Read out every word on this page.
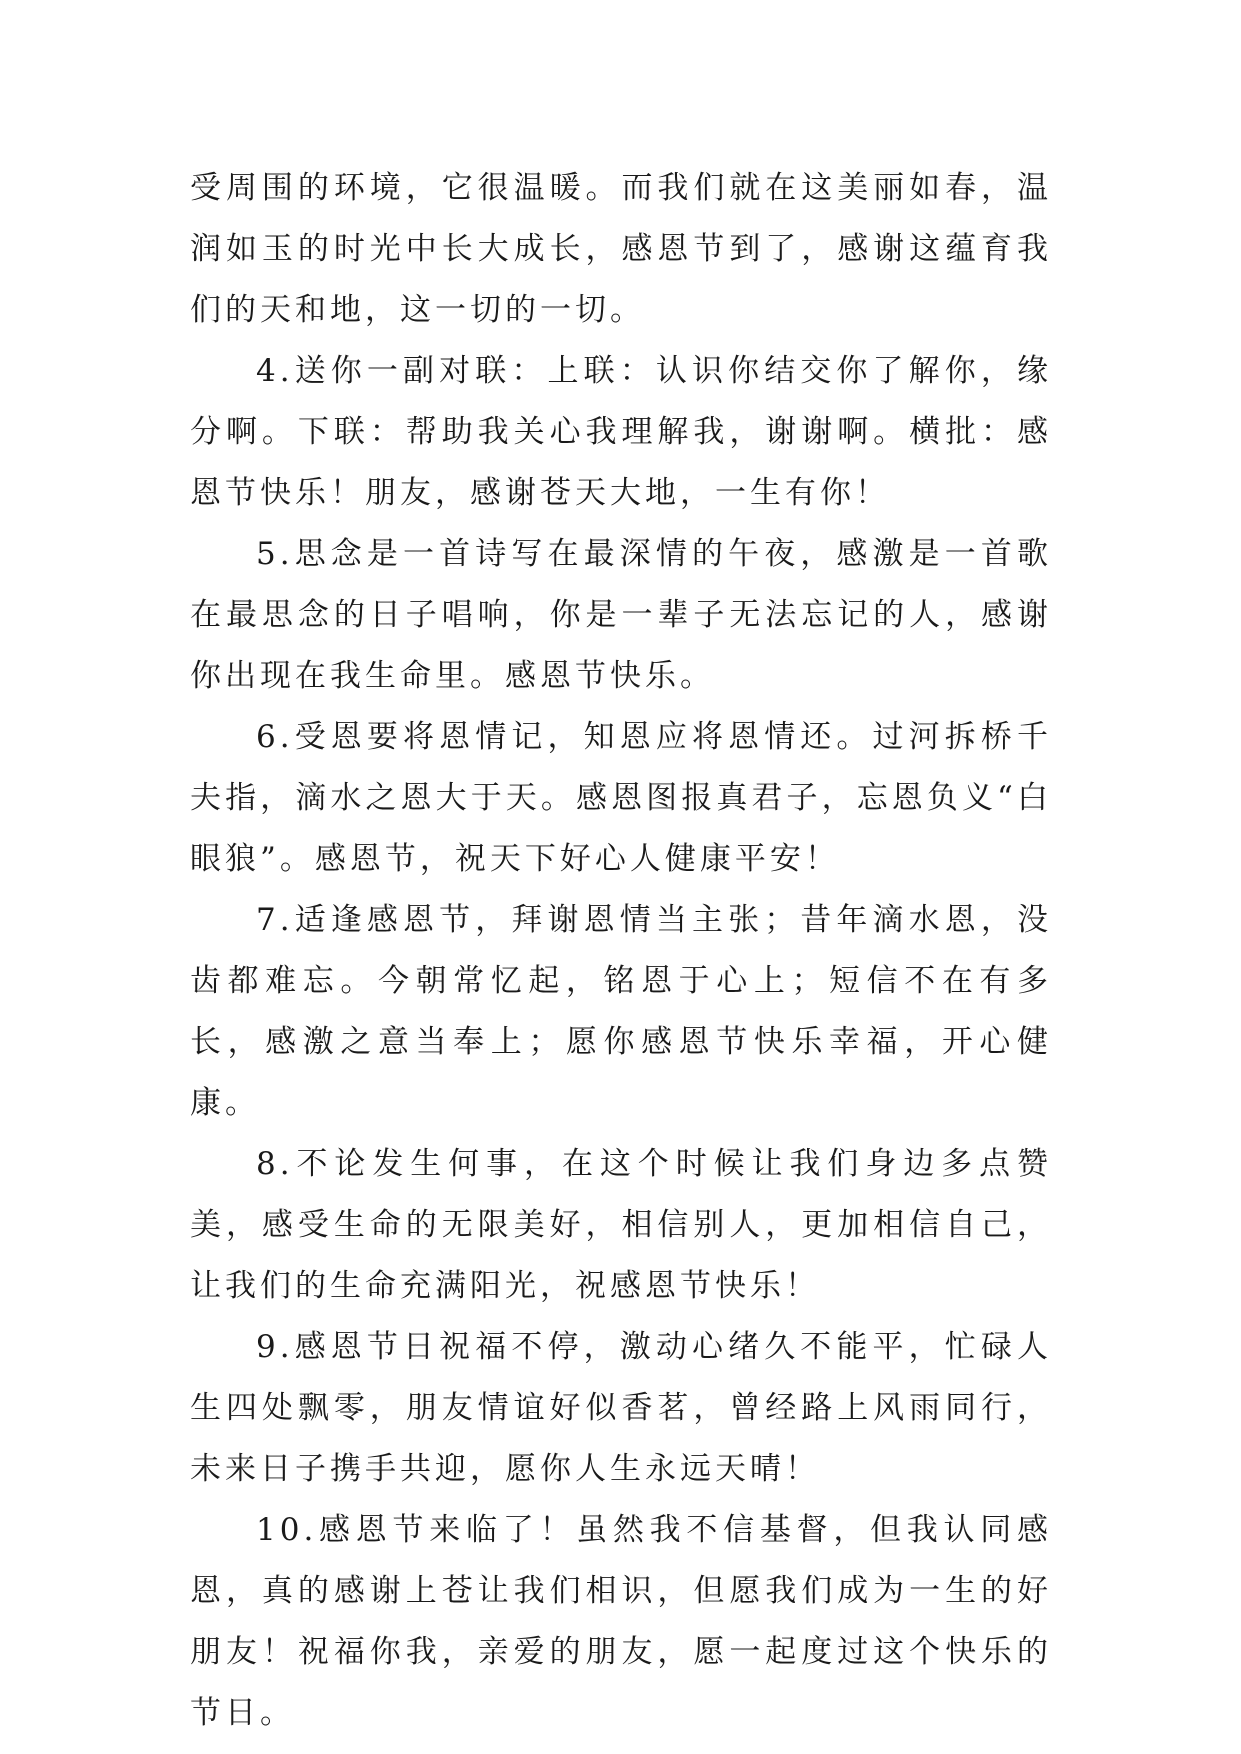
受周围的环境，它很温暖。而我们就在这美丽如春，温润如玉的时光中长大成长，感恩节到了，感谢这蕴育我们的天和地，这一切的一切。

4.送你一副对联：上联：认识你结交你了解你，缘分啊。下联：帮助我关心我理解我，谢谢啊。横批：感恩节快乐！朋友，感谢苍天大地，一生有你！

5.思念是一首诗写在最深情的午夜，感激是一首歌在最思念的日子唱响，你是一辈子无法忘记的人，感谢你出现在我生命里。感恩节快乐。

6.受恩要将恩情记，知恩应将恩情还。过河拆桥千夫指，滴水之恩大于天。感恩图报真君子，忘恩负义“白眼狼”。感恩节，祝天下好心人健康平安！

7.适逢感恩节，拜谢恩情当主张；昔年滴水恩，没齿都难忘。今朝常忆起，铭恩于心上；短信不在有多长，感激之意当奉上；愿你感恩节快乐幸福，开心健康。

8.不论发生何事，在这个时候让我们身边多点赞美，感受生命的无限美好，相信别人，更加相信自己，让我们的生命充满阳光，祝感恩节快乐！

9.感恩节日祝福不停，激动心绪久不能平，忙碌人生四处飘零，朋友情谊好似香茗，曾经路上风雨同行，未来日子携手共迎，愿你人生永远天晴！

10.感恩节来临了！虽然我不信基督，但我认同感恩，真的感谢上苍让我们相识，但愿我们成为一生的好朋友！祝福你我，亲爱的朋友，愿一起度过这个快乐的节日。
